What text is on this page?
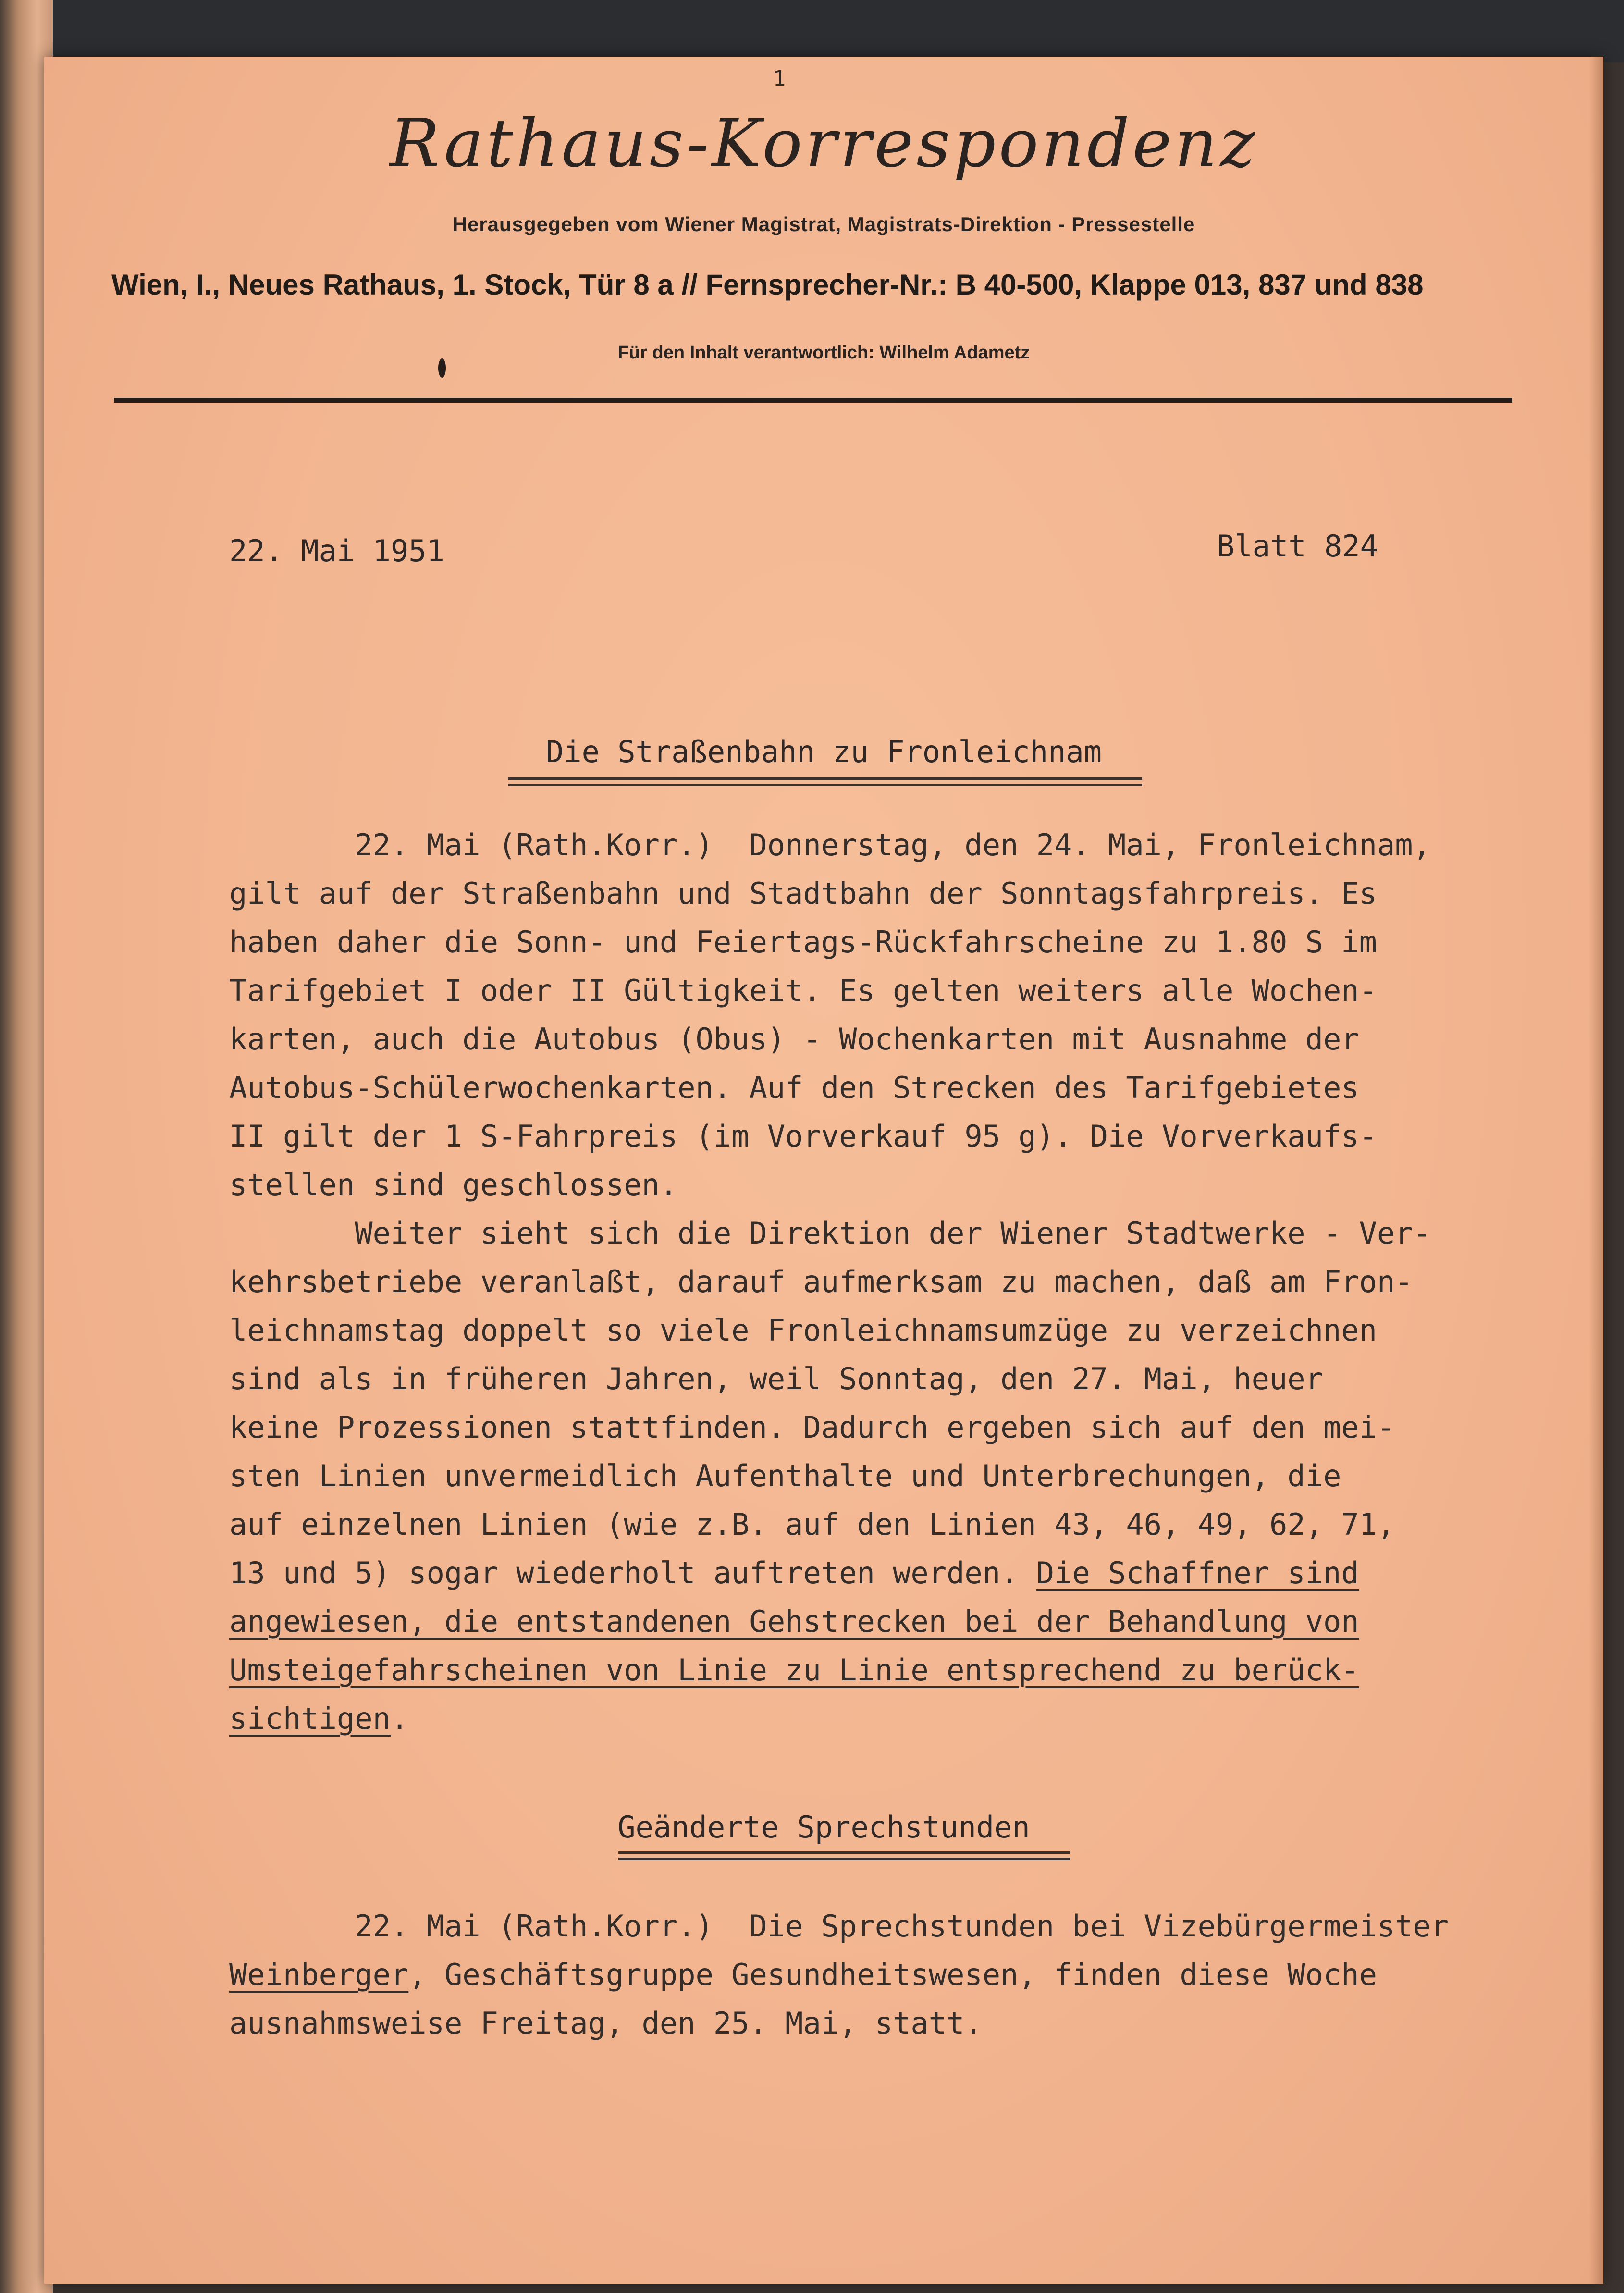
1
Rathaus-Korrespondenz
Herausgegeben vom Wiener Magistrat, Magistrats-Direktion - Pressestelle
Wien, I., Neues Rathaus, 1. Stock, Tür 8 a // Fernsprecher-Nr.: B 40-500, Klappe 013, 837 und 838
Für den Inhalt verantwortlich: Wilhelm Adametz
22. Mai 1951	Blatt 824
Die Straßenbahn zu Fronleichnam
22. Mai (Rath.Korr.)  Donnerstag, den 24. Mai, Fronleichnam,
gilt auf der Straßenbahn und Stadtbahn der Sonntagsfahrpreis. Es
haben daher die Sonn- und Feiertags-Rückfahrscheine zu 1.80 S im
Tarifgebiet I oder II Gültigkeit. Es gelten weiters alle Wochen-
karten, auch die Autobus (Obus) - Wochenkarten mit Ausnahme der
Autobus-Schülerwochenkarten. Auf den Strecken des Tarifgebietes
II gilt der 1 S-Fahrpreis (im Vorverkauf 95 g). Die Vorverkaufs-
stellen sind geschlossen.
Weiter sieht sich die Direktion der Wiener Stadtwerke - Ver-
kehrsbetriebe veranlaßt, darauf aufmerksam zu machen, daß am Fron-
leichnamstag doppelt so viele Fronleichnamsumzüge zu verzeichnen
sind als in früheren Jahren, weil Sonntag, den 27. Mai, heuer
keine Prozessionen stattfinden. Dadurch ergeben sich auf den mei-
sten Linien unvermeidlich Aufenthalte und Unterbrechungen, die
auf einzelnen Linien (wie z.B. auf den Linien 43, 46, 49, 62, 71,
13 und 5) sogar wiederholt auftreten werden. Die Schaffner sind
angewiesen, die entstandenen Gehstrecken bei der Behandlung von
Umsteigefahrscheinen von Linie zu Linie entsprechend zu berück-
sichtigen.
Geänderte Sprechstunden
22. Mai (Rath.Korr.)  Die Sprechstunden bei Vizebürgermeister
Weinberger, Geschäftsgruppe Gesundheitswesen, finden diese Woche
ausnahmsweise Freitag, den 25. Mai, statt.
